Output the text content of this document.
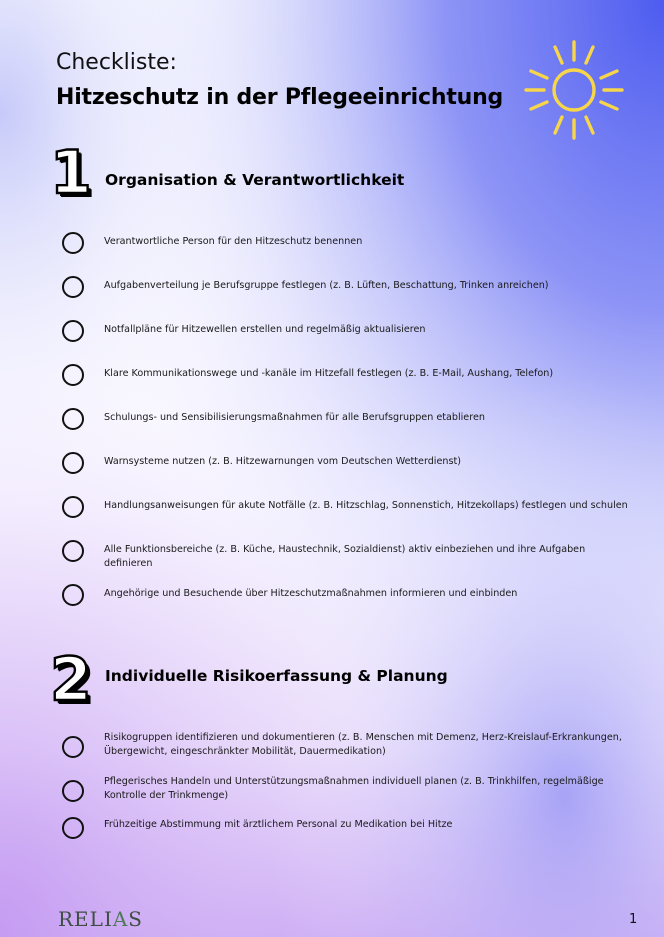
Checkliste:
Hitzeschutz in der Pflegeeinrichtung
1 Organisation & Verantwortlichkeit
Verantwortliche Person für den Hitzeschutz benennen
Aufgabenverteilung je Berufsgruppe festlegen (z. B. Lüften, Beschattung, Trinken anreichen)
Notfallpläne für Hitzewellen erstellen und regelmäßig aktualisieren
Klare Kommunikationswege und -kanäle im Hitzefall festlegen (z. B. E-Mail, Aushang, Telefon)
Schulungs- und Sensibilisierungsmaßnahmen für alle Berufsgruppen etablieren
Warnsysteme nutzen (z. B. Hitzewarnungen vom Deutschen Wetterdienst)
Handlungsanweisungen für akute Notfälle (z. B. Hitzschlag, Sonnenstich, Hitzekollaps) festlegen und schulen
Alle Funktionsbereiche (z. B. Küche, Haustechnik, Sozialdienst) aktiv einbeziehen und ihre Aufgaben definieren
Angehörige und Besuchende über Hitzeschutzmaßnahmen informieren und einbinden
2 Individuelle Risikoerfassung & Planung
Risikogruppen identifizieren und dokumentieren (z. B. Menschen mit Demenz, Herz-Kreislauf-Erkrankungen, Übergewicht, eingeschränkter Mobilität, Dauermedikation)
Pflegerisches Handeln und Unterstützungsmaßnahmen individuell planen (z. B. Trinkhilfen, regelmäßige Kontrolle der Trinkmenge)
Frühzeitige Abstimmung mit ärztlichem Personal zu Medikation bei Hitze
RELIAS	1
